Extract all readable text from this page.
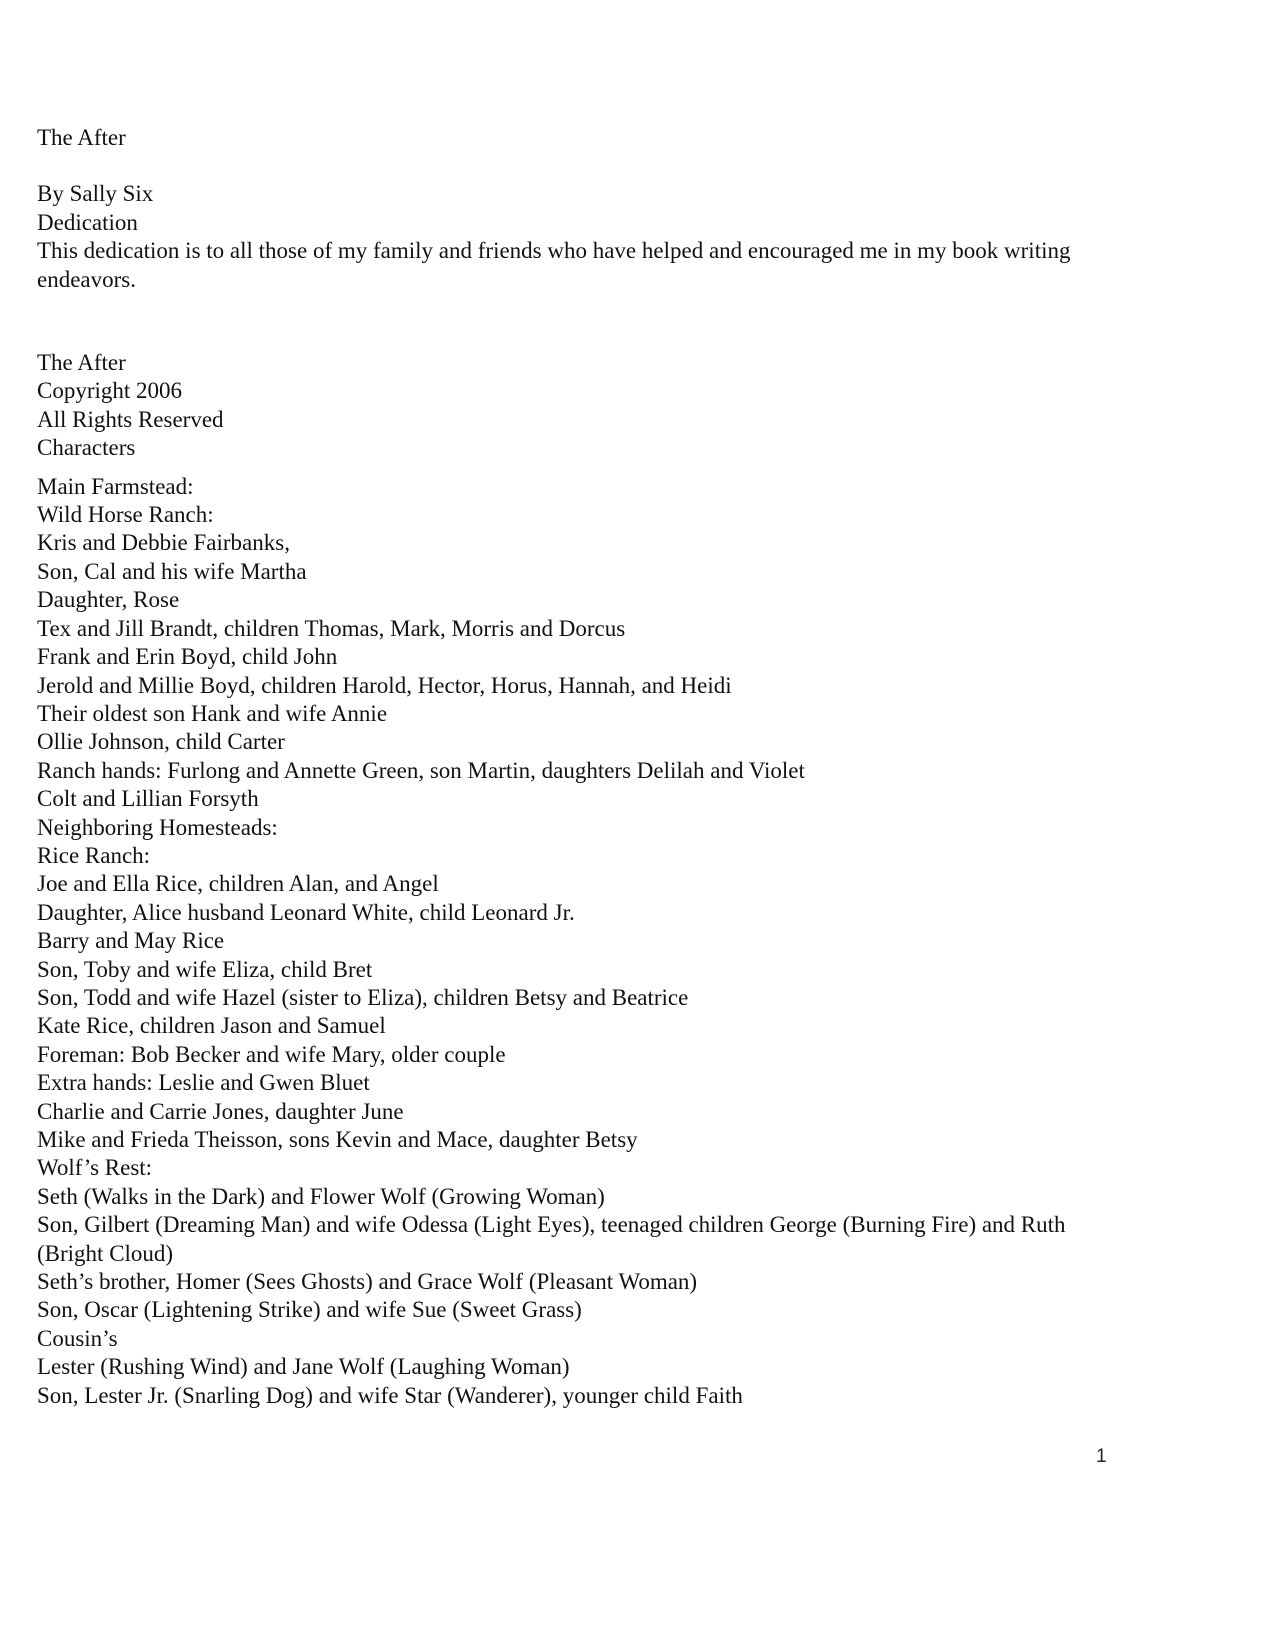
The After
By Sally Six
Dedication
This dedication is to all those of my family and friends who have helped and encouraged me in my book writing endeavors.
The After
Copyright 2006
All Rights Reserved
Characters
Main Farmstead:
Wild Horse Ranch:
Kris and Debbie Fairbanks,
Son, Cal and his wife Martha
Daughter, Rose
Tex and Jill Brandt, children Thomas, Mark, Morris and Dorcus
Frank and Erin Boyd, child John
Jerold and Millie Boyd, children Harold, Hector, Horus, Hannah, and Heidi
Their oldest son Hank and wife Annie
Ollie Johnson, child Carter
Ranch hands: Furlong and Annette Green, son Martin, daughters Delilah and Violet
Colt and Lillian Forsyth
Neighboring Homesteads:
Rice Ranch:
Joe and Ella Rice, children Alan, and Angel
Daughter, Alice husband Leonard White, child Leonard Jr.
Barry and May Rice
Son, Toby and wife Eliza, child Bret
Son, Todd and wife Hazel (sister to Eliza), children Betsy and Beatrice
Kate Rice, children Jason and Samuel
Foreman: Bob Becker and wife Mary, older couple
Extra hands: Leslie and Gwen Bluet
Charlie and Carrie Jones, daughter June
Mike and Frieda Theisson, sons Kevin and Mace, daughter Betsy
Wolf’s Rest:
Seth (Walks in the Dark) and Flower Wolf (Growing Woman)
Son, Gilbert (Dreaming Man) and wife Odessa (Light Eyes), teenaged children George (Burning Fire) and Ruth (Bright Cloud)
Seth’s brother, Homer (Sees Ghosts) and Grace Wolf (Pleasant Woman)
Son, Oscar (Lightening Strike) and wife Sue (Sweet Grass)
Cousin’s
Lester (Rushing Wind) and Jane Wolf (Laughing Woman)
Son, Lester Jr. (Snarling Dog) and wife Star (Wanderer), younger child Faith
1
